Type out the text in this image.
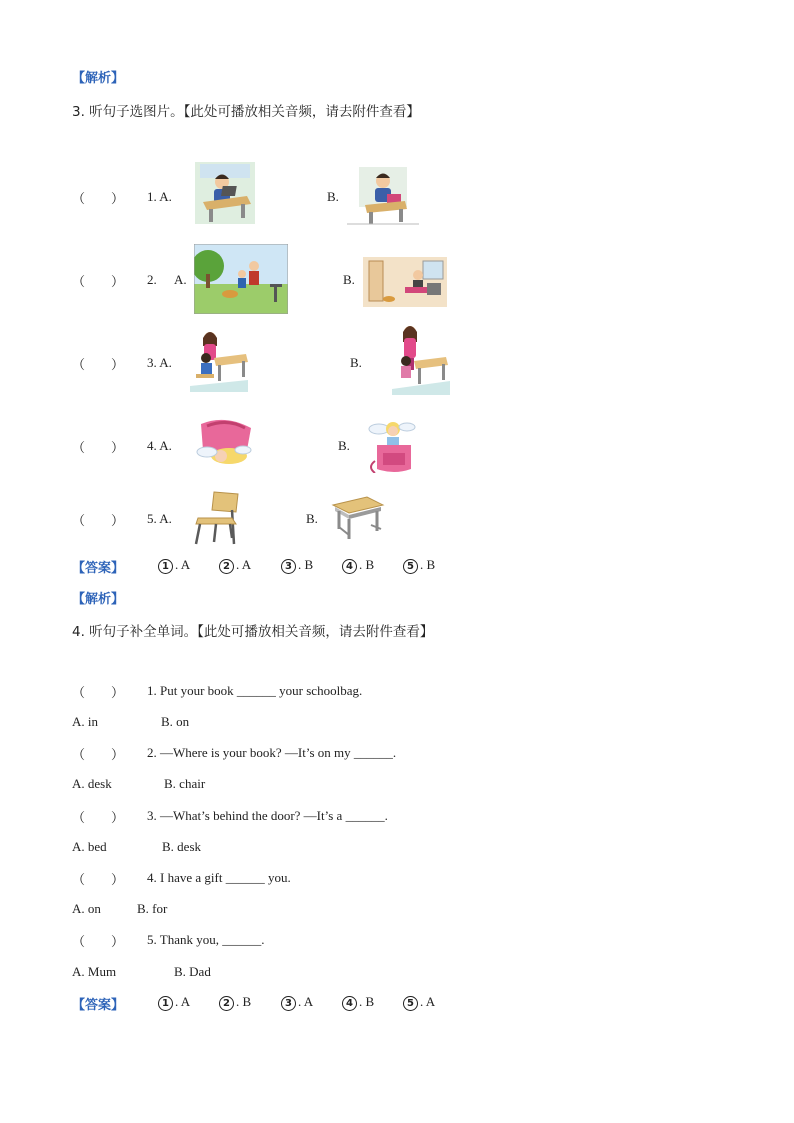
【解析】
3. 听句子选图片。【此处可播放相关音频，请去附件查看】
（　　） 1. A.	B.
（　　） 2. A.	B.
（　　） 3. A.	B.
（　　） 4. A.	B.
（　　） 5. A.	B.
【答案】	1 . A	2 . A	3 . B	4 . B	5 . B
【解析】
4. 听句子补全单词。【此处可播放相关音频，请去附件查看】
（　　） 1. Put your book ______ your schoolbag.
A. in	B. on
（　　） 2. —Where is your book? —It’s on my ______.
A. desk	B. chair
（　　） 3. —What’s behind the door? —It’s a ______.
A. bed	B. desk
（　　） 4. I have a gift ______ you.
A. on	B. for
（　　） 5. Thank you, ______.
A. Mum	B. Dad
【答案】	1 . A	2 . B	3 . A	4 . B	5 . A
